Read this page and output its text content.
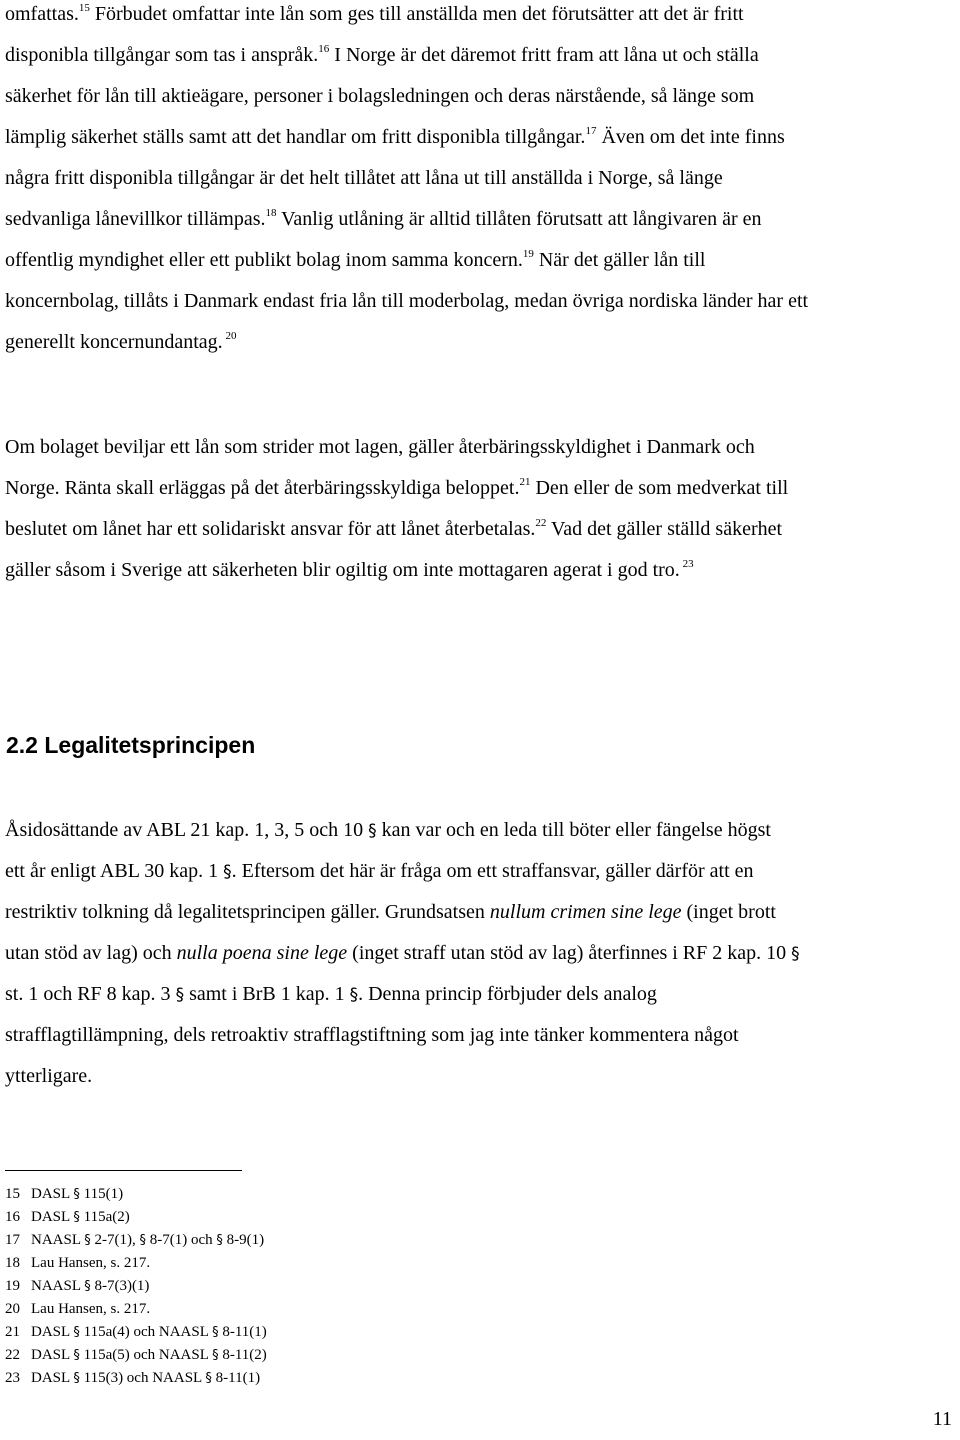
omfattas.$^{15}$ Förbudet omfattar inte lån som ges till anställda men det förutsätter att det är fritt
disponibla tillgångar som tas i anspråk.$^{16}$ I Norge är det däremot fritt fram att låna ut och ställa
säkerhet för lån till aktieägare, personer i bolagsledningen och deras närstående, så länge som
lämplig säkerhet ställs samt att det handlar om fritt disponibla tillgångar.$^{17}$ Även om det inte finns
några fritt disponibla tillgångar är det helt tillåtet att låna ut till anställda i Norge, så länge
sedvanliga lånevillkor tillämpas.$^{18}$ Vanlig utlåning är alltid tillåten förutsatt att långivaren är en
offentlig myndighet eller ett publikt bolag inom samma koncern.$^{19}$ När det gäller lån till
koncernbolag, tillåts i Danmark endast fria lån till moderbolag, medan övriga nordiska länder har ett
generellt koncernundantag. $^{20}$
Om bolaget beviljar ett lån som strider mot lagen, gäller återbäringsskyldighet i Danmark och
Norge. Ränta skall erläggas på det återbäringsskyldiga beloppet.$^{21}$ Den eller de som medverkat till
beslutet om lånet har ett solidariskt ansvar för att lånet återbetalas.$^{22}$ Vad det gäller ställd säkerhet
gäller såsom i Sverige att säkerheten blir ogiltig om inte mottagaren agerat i god tro. $^{23}$
2.2 Legalitetsprincipen
Åsidosättande av ABL 21 kap. 1, 3, 5 och 10 § kan var och en leda till böter eller fängelse högst
ett år enligt ABL 30 kap. 1 §. Eftersom det här är fråga om ett straffansvar, gäller därför att en
restriktiv tolkning då legalitetsprincipen gäller. Grundsatsen nullum crimen sine lege (inget brott
utan stöd av lag) och nulla poena sine lege (inget straff utan stöd av lag) återfinnes i RF 2 kap. 10 §
st. 1 och RF 8 kap. 3 § samt i BrB 1 kap. 1 §. Denna princip förbjuder dels analog
strafflagtillämpning, dels retroaktiv strafflagstiftning som jag inte tänker kommentera något
ytterligare.
15 DASL § 115(1)
16 DASL § 115a(2)
17 NAASL § 2-7(1), § 8-7(1) och § 8-9(1)
18 Lau Hansen, s. 217.
19 NAASL § 8-7(3)(1)
20 Lau Hansen, s. 217.
21 DASL § 115a(4) och NAASL § 8-11(1)
22 DASL § 115a(5) och NAASL § 8-11(2)
23 DASL § 115(3) och NAASL § 8-11(1)
11
